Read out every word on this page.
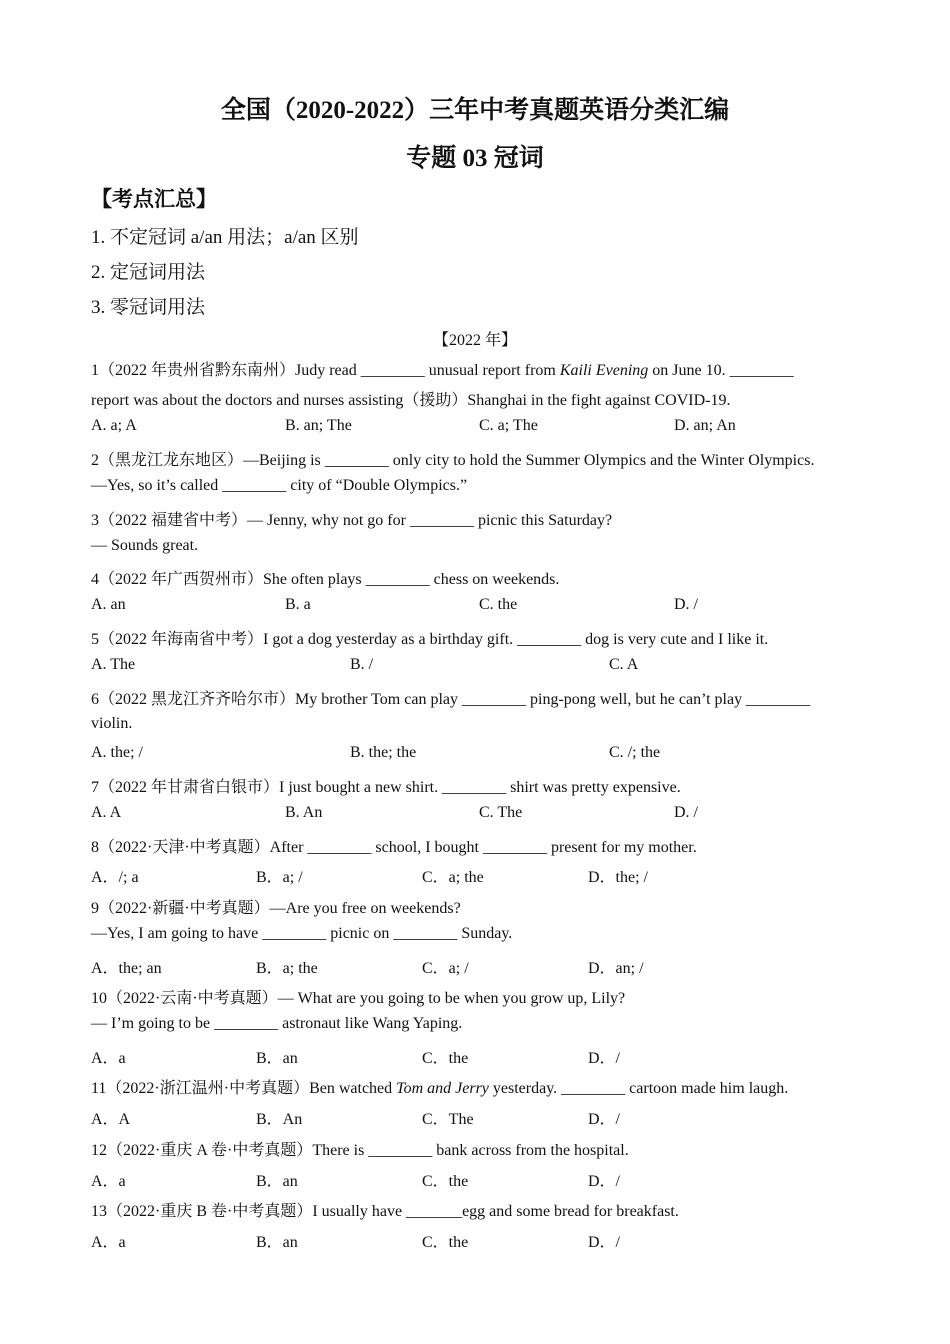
全国（2020-2022）三年中考真题英语分类汇编
专题 03 冠词
【考点汇总】
1. 不定冠词 a/an 用法；a/an 区别
2. 定冠词用法
3. 零冠词用法
【2022 年】
1（2022 年贵州省黔东南州）Judy read ________ unusual report from Kaili Evening on June 10. ________
report was about the doctors and nurses assisting（援助）Shanghai in the fight against COVID-19.
A. a; A	B. an; The	C. a; The	D. an; An
2（黑龙江龙东地区）—Beijing is ________ only city to hold the Summer Olympics and the Winter Olympics.
—Yes, so it’s called ________ city of “Double Olympics.”
3（2022 福建省中考）— Jenny, why not go for ________ picnic this Saturday?
— Sounds great.
4（2022 年广西贺州市）She often plays ________ chess on weekends.
A. an	B. a	C. the	D. /
5（2022 年海南省中考）I got a dog yesterday as a birthday gift. ________ dog is very cute and I like it.
A. The	B. /	C. A
6（2022 黑龙江齐齐哈尔市）My brother Tom can play ________ ping-pong well, but he can’t play ________
violin.
A. the; /	B. the; the	C. /; the
7（2022 年甘肃省白银市）I just bought a new shirt. ________ shirt was pretty expensive.
A. A	B. An	C. The	D. /
8（2022·天津·中考真题）After ________ school, I bought ________ present for my mother.
A．/; a	B．a; /	C．a; the	D．the; /
9（2022·新疆·中考真题）—Are you free on weekends?
—Yes, I am going to have ________ picnic on ________ Sunday.
A．the; an	B．a; the	C．a; /	D．an; /
10（2022·云南·中考真题）— What are you going to be when you grow up, Lily?
— I’m going to be ________ astronaut like Wang Yaping.
A．a	B．an	C．the	D．/
11（2022·浙江温州·中考真题）Ben watched Tom and Jerry yesterday. ________ cartoon made him laugh.
A．A	B．An	C．The	D．/
12（2022·重庆 A 卷·中考真题）There is ________ bank across from the hospital.
A．a	B．an	C．the	D．/
13（2022·重庆 B 卷·中考真题）I usually have _______egg and some bread for breakfast.
A．a	B．an	C．the	D．/
